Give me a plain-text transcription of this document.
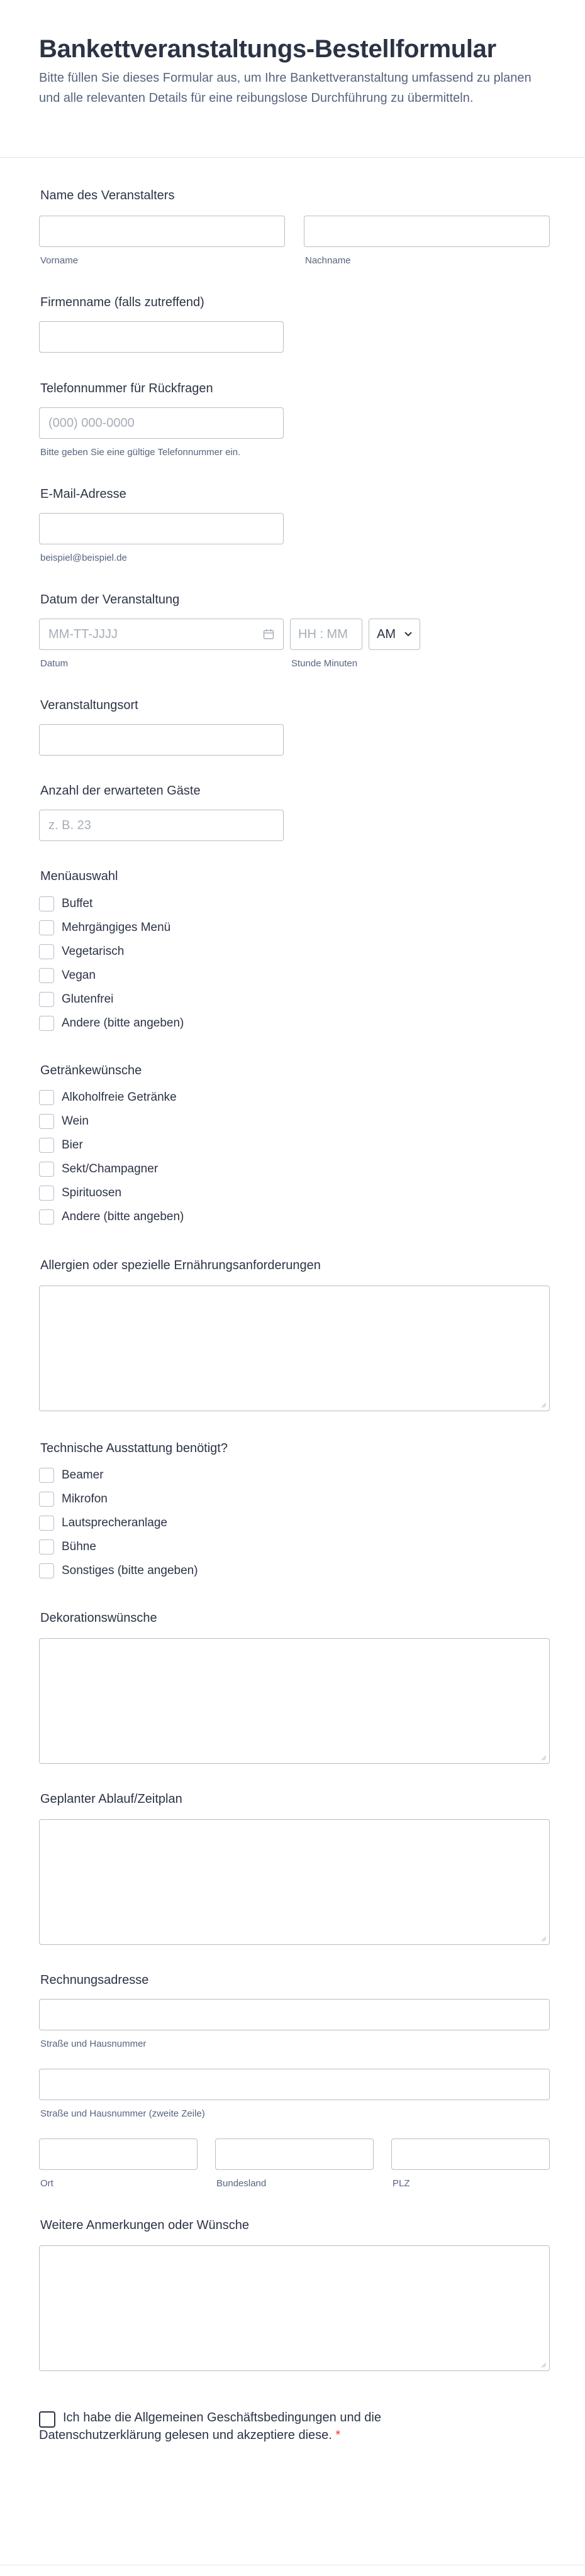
Bankettveranstaltungs-Bestellformular

Bitte füllen Sie dieses Formular aus, um Ihre Bankettveranstaltung umfassend zu planen und alle relevanten Details für eine reibungslose Durchführung zu übermitteln.

Name des Veranstalters
Vorname	Nachname
Firmenname (falls zutreffend)
Telefonnummer für Rückfragen
(000) 000-0000
Bitte geben Sie eine gültige Telefonnummer ein.
E-Mail-Adresse
beispiel@beispiel.de
Datum der Veranstaltung
MM-TT-JJJJ	HH : MM AM
Datum	Stunde Minuten
Veranstaltungsort
Anzahl der erwarteten Gäste
z. B. 23
Menüauswahl
Buffet
Mehrgängiges Menü
Vegetarisch
Vegan
Glutenfrei
Andere (bitte angeben)
Getränkewünsche
Alkoholfreie Getränke
Wein
Bier
Sekt/Champagner
Spirituosen
Andere (bitte angeben)
Allergien oder spezielle Ernährungsanforderungen
Technische Ausstattung benötigt?
Beamer
Mikrofon
Lautsprecheranlage
Bühne
Sonstiges (bitte angeben)
Dekorationswünsche
Geplanter Ablauf/Zeitplan
Rechnungsadresse
Straße und Hausnummer
Straße und Hausnummer (zweite Zeile)
Ort	Bundesland	PLZ
Weitere Anmerkungen oder Wünsche
Ich habe die Allgemeinen Geschäftsbedingungen und die Datenschutzerklärung gelesen und akzeptiere diese. *
